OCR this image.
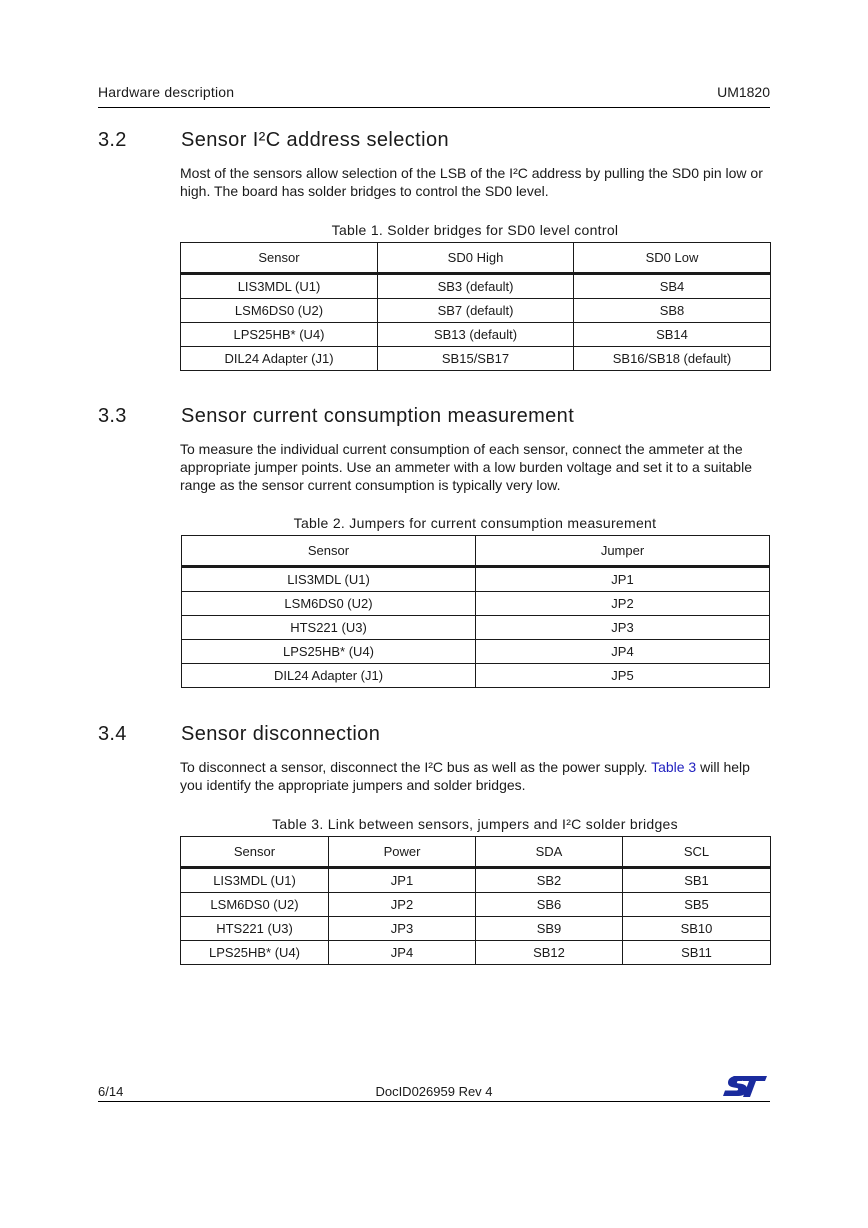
Hardware description	UM1820
3.2	Sensor I²C address selection
Most of the sensors allow selection of the LSB of the I²C address by pulling the SD0 pin low or high. The board has solder bridges to control the SD0 level.
Table 1. Solder bridges for SD0 level control
Sensor	SD0 High	SD0 Low
LIS3MDL (U1)	SB3 (default)	SB4
LSM6DS0 (U2)	SB7 (default)	SB8
LPS25HB* (U4)	SB13 (default)	SB14
DIL24 Adapter (J1)	SB15/SB17	SB16/SB18 (default)
3.3	Sensor current consumption measurement
To measure the individual current consumption of each sensor, connect the ammeter at the appropriate jumper points. Use an ammeter with a low burden voltage and set it to a suitable range as the sensor current consumption is typically very low.
Table 2. Jumpers for current consumption measurement
Sensor	Jumper
LIS3MDL (U1)	JP1
LSM6DS0 (U2)	JP2
HTS221 (U3)	JP3
LPS25HB* (U4)	JP4
DIL24 Adapter (J1)	JP5
3.4	Sensor disconnection
To disconnect a sensor, disconnect the I²C bus as well as the power supply. Table 3 will help you identify the appropriate jumpers and solder bridges.
Table 3. Link between sensors, jumpers and I²C solder bridges
Sensor	Power	SDA	SCL
LIS3MDL (U1)	JP1	SB2	SB1
LSM6DS0 (U2)	JP2	SB6	SB5
HTS221 (U3)	JP3	SB9	SB10
LPS25HB* (U4)	JP4	SB12	SB11
6/14	DocID026959 Rev 4
